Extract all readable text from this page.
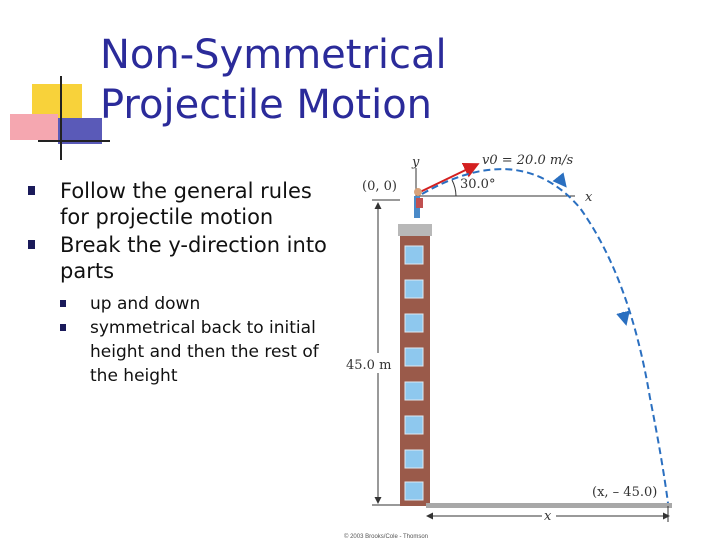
Non-Symmetrical
Projectile Motion
Follow the general rules for projectile motion
Break the y-direction into parts
up and down
symmetrical back to initial height and then the rest of the height
y
x
(0, 0)
v0 = 20.0 m/s
30.0°
45.0 m
(x, – 45.0)
x
© 2003 Brooks/Cole - Thomson
